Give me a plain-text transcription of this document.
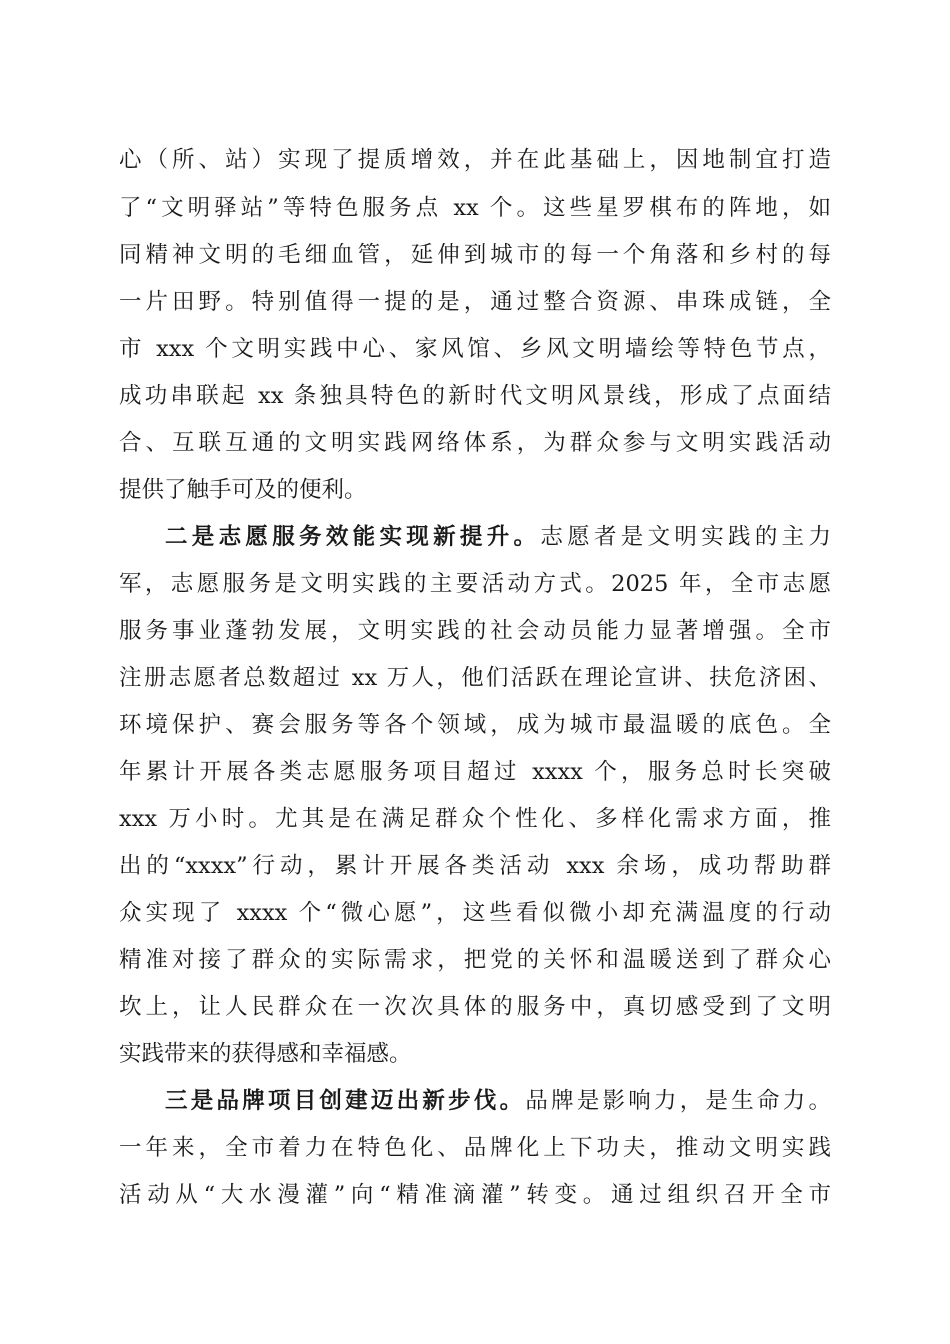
心（所、站）实现了提质增效，并在此基础上，因地制宜打造
了“文明驿站”等特色服务点 xx 个。这些星罗棋布的阵地，如
同精神文明的毛细血管，延伸到城市的每一个角落和乡村的每
一片田野。特别值得一提的是，通过整合资源、串珠成链，全
市 xxx 个文明实践中心、家风馆、乡风文明墙绘等特色节点，
成功串联起 xx 条独具特色的新时代文明风景线，形成了点面结
合、互联互通的文明实践网络体系，为群众参与文明实践活动
提供了触手可及的便利。
二是志愿服务效能实现新提升。志愿者是文明实践的主力
军，志愿服务是文明实践的主要活动方式。2025 年，全市志愿
服务事业蓬勃发展，文明实践的社会动员能力显著增强。全市
注册志愿者总数超过 xx 万人，他们活跃在理论宣讲、扶危济困、
环境保护、赛会服务等各个领域，成为城市最温暖的底色。全
年累计开展各类志愿服务项目超过 xxxx 个，服务总时长突破
xxx 万小时。尤其是在满足群众个性化、多样化需求方面，推
出的“xxxx”行动，累计开展各类活动 xxx 余场，成功帮助群
众实现了 xxxx 个“微心愿”，这些看似微小却充满温度的行动
精准对接了群众的实际需求，把党的关怀和温暖送到了群众心
坎上，让人民群众在一次次具体的服务中，真切感受到了文明
实践带来的获得感和幸福感。
三是品牌项目创建迈出新步伐。品牌是影响力，是生命力。
一年来，全市着力在特色化、品牌化上下功夫，推动文明实践
活动从“大水漫灌”向“精准滴灌”转变。通过组织召开全市
